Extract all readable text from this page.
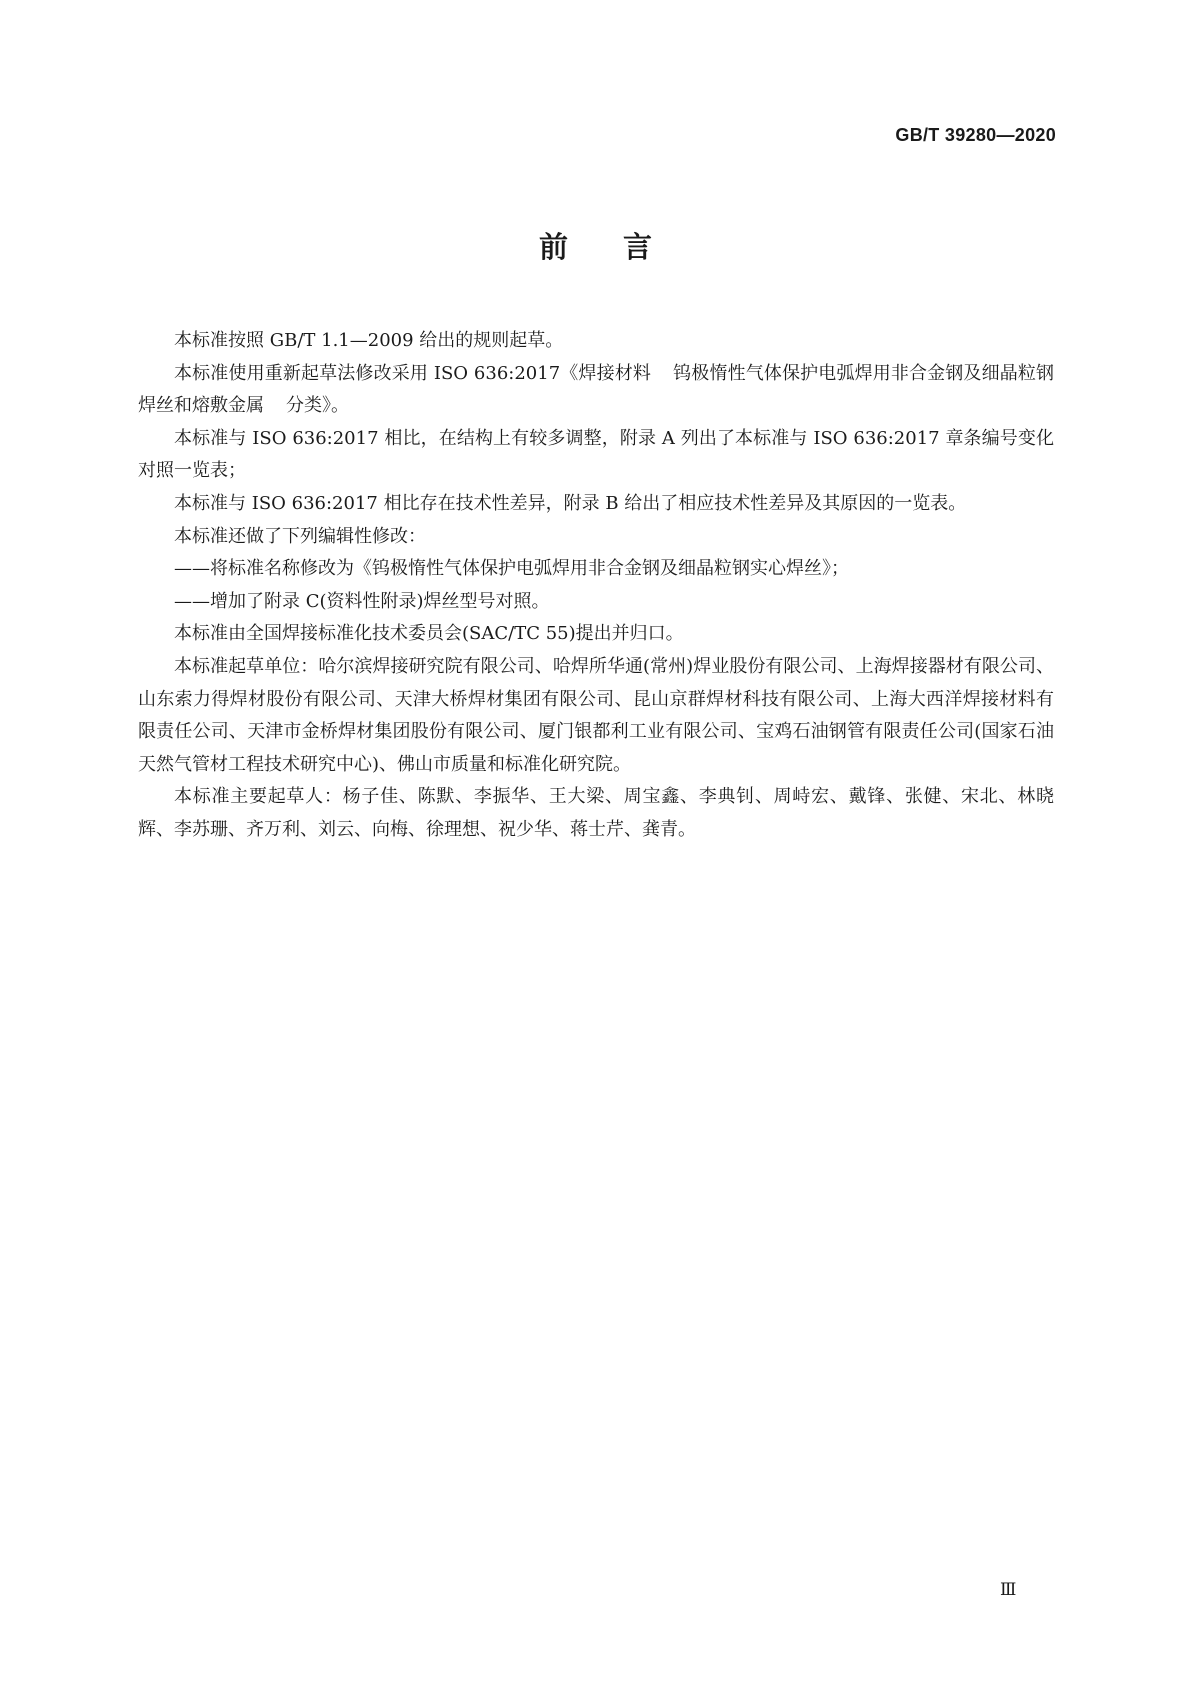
GB/T 39280—2020
前言

本标准按照 GB/T 1.1—2009 给出的规则起草。

本标准使用重新起草法修改采用 ISO 636:2017《焊接材料 钨极惰性气体保护电弧焊用非合金钢及细晶粒钢焊丝和熔敷金属 分类》。

本标准与 ISO 636:2017 相比，在结构上有较多调整，附录 A 列出了本标准与 ISO 636:2017 章条编号变化对照一览表；

本标准与 ISO 636:2017 相比存在技术性差异，附录 B 给出了相应技术性差异及其原因的一览表。

本标准还做了下列编辑性修改：

——将标准名称修改为《钨极惰性气体保护电弧焊用非合金钢及细晶粒钢实心焊丝》；

——增加了附录 C(资料性附录)焊丝型号对照。

本标准由全国焊接标准化技术委员会(SAC/TC 55)提出并归口。

本标准起草单位：哈尔滨焊接研究院有限公司、哈焊所华通(常州)焊业股份有限公司、上海焊接器材有限公司、山东索力得焊材股份有限公司、天津大桥焊材集团有限公司、昆山京群焊材科技有限公司、上海大西洋焊接材料有限责任公司、天津市金桥焊材集团股份有限公司、厦门银都利工业有限公司、宝鸡石油钢管有限责任公司(国家石油天然气管材工程技术研究中心)、佛山市质量和标准化研究院。

本标准主要起草人：杨子佳、陈默、李振华、王大梁、周宝鑫、李典钊、周峙宏、戴锋、张健、宋北、林晓辉、李苏珊、齐万利、刘云、向梅、徐理想、祝少华、蒋士芹、龚青。

Ⅲ
